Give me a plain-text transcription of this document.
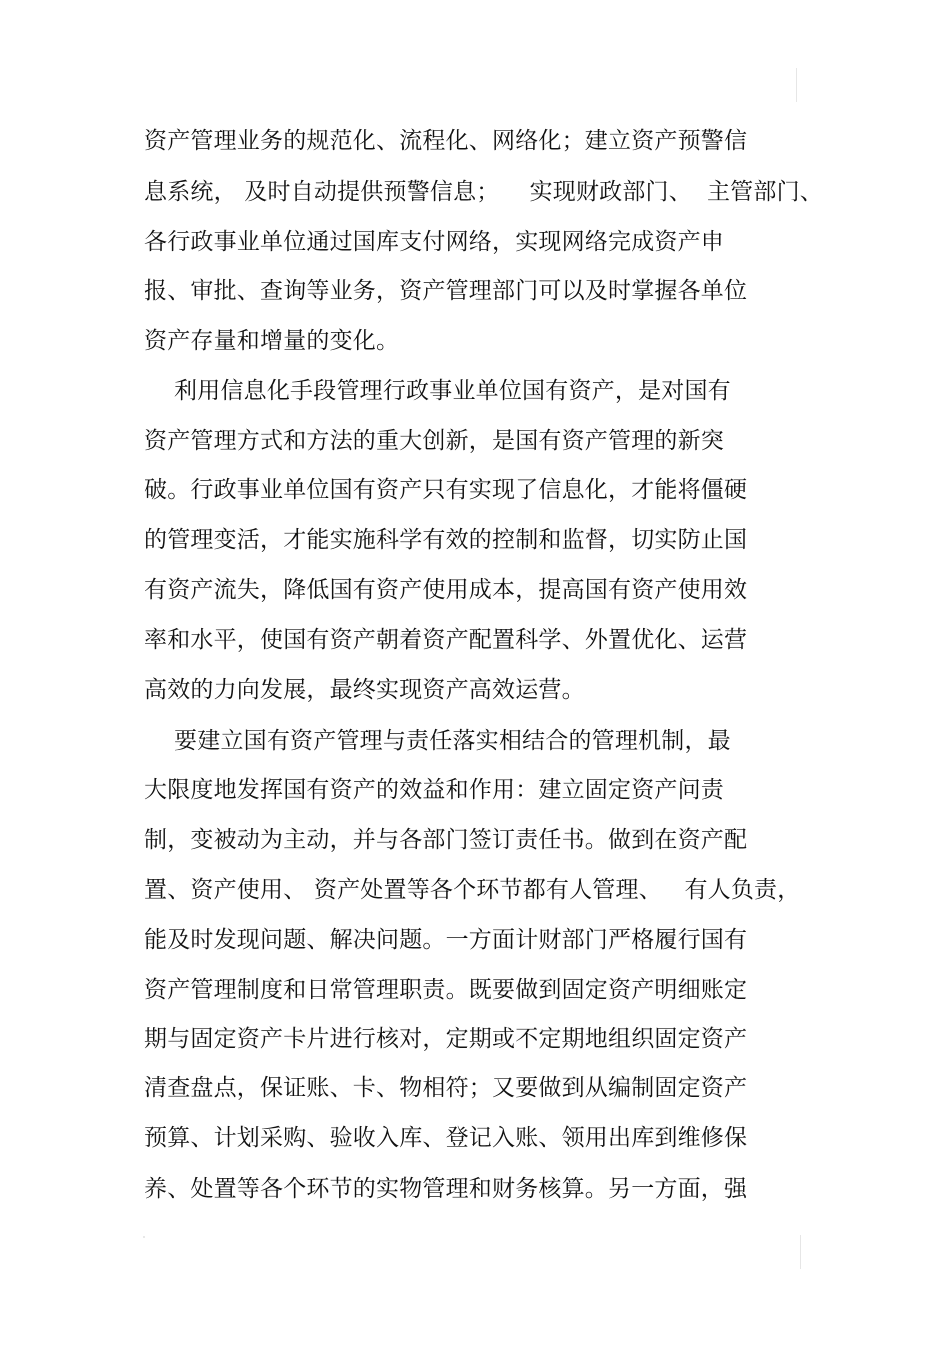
资产管理业务的规范化、流程化、网络化；建立资产预警信
息系统， 及时自动提供预警信息；    实现财政部门、  主管部门、
各行政事业单位通过国库支付网络，实现网络完成资产申
报、审批、查询等业务，资产管理部门可以及时掌握各单位
资产存量和增量的变化。
利用信息化手段管理行政事业单位国有资产，是对国有
资产管理方式和方法的重大创新，是国有资产管理的新突
破。行政事业单位国有资产只有实现了信息化，才能将僵硬
的管理变活，才能实施科学有效的控制和监督，切实防止国
有资产流失，降低国有资产使用成本，提高国有资产使用效
率和水平，使国有资产朝着资产配置科学、外置优化、运营
高效的力向发展，最终实现资产高效运营。
要建立国有资产管理与责任落实相结合的管理机制，最
大限度地发挥国有资产的效益和作用：建立固定资产问责
制，变被动为主动，并与各部门签订责任书。做到在资产配
置、资产使用、 资产处置等各个环节都有人管理、   有人负责，
能及时发现问题、解决问题。一方面计财部门严格履行国有
资产管理制度和日常管理职责。既要做到固定资产明细账定
期与固定资产卡片进行核对，定期或不定期地组织固定资产
清查盘点，保证账、卡、物相符；又要做到从编制固定资产
预算、计划采购、验收入库、登记入账、领用出库到维修保
养、处置等各个环节的实物管理和财务核算。另一方面，强
